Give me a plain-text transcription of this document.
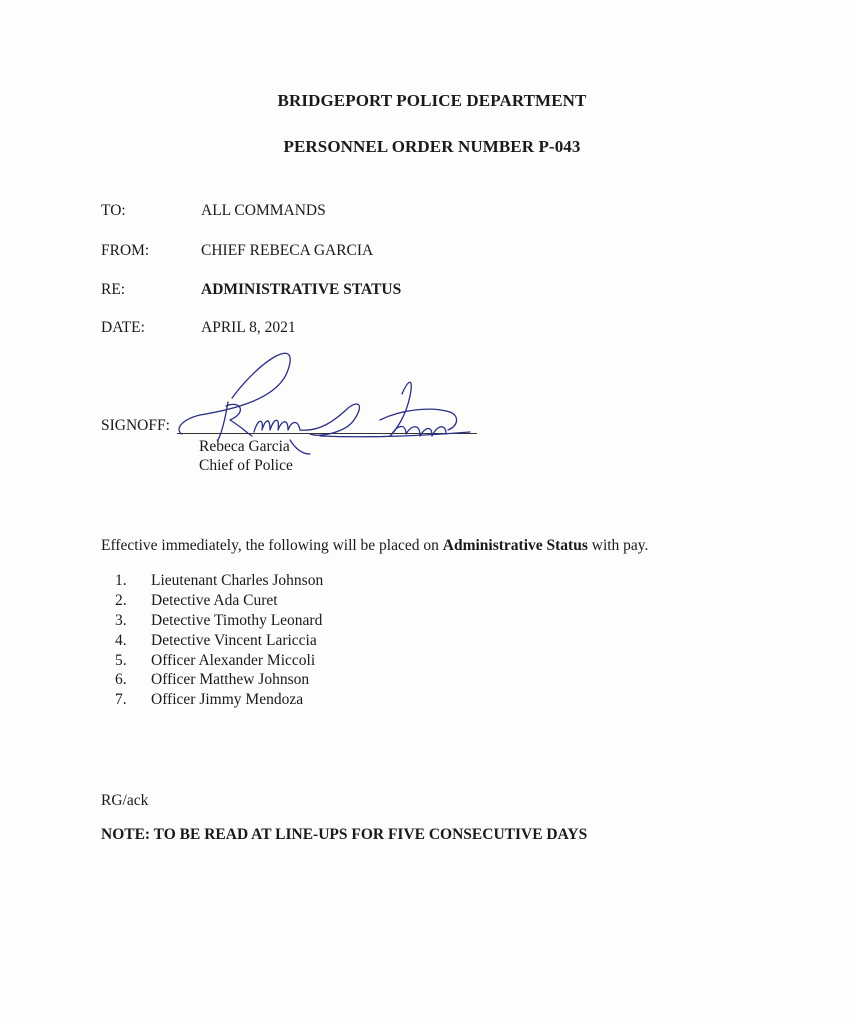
BRIDGEPORT POLICE DEPARTMENT
PERSONNEL ORDER NUMBER P-043
TO:	ALL COMMANDS
FROM:	CHIEF REBECA GARCIA
RE:	ADMINISTRATIVE STATUS
DATE:	APRIL 8, 2021
SIGNOFF:
Rebeca Garcia
Chief of Police
Effective immediately, the following will be placed on Administrative Status with pay.
1. Lieutenant Charles Johnson
2. Detective Ada Curet
3. Detective Timothy Leonard
4. Detective Vincent Lariccia
5. Officer Alexander Miccoli
6. Officer Matthew Johnson
7. Officer Jimmy Mendoza
RG/ack
NOTE: TO BE READ AT LINE-UPS FOR FIVE CONSECUTIVE DAYS
